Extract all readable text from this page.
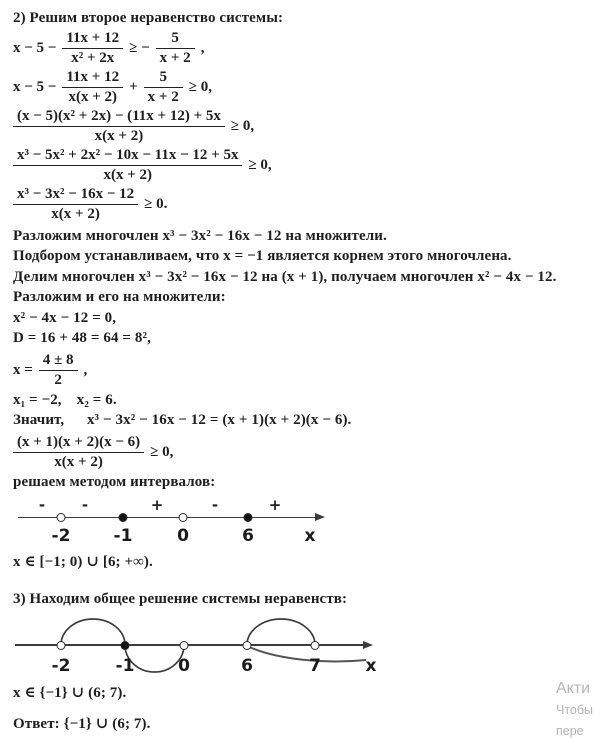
2) Решим второе неравенство системы:
$x - 5 - \frac{11x + 12}{\text{x² + 2x}}$ ≥ − $\frac{5}{x + 2}$ ,
$x - 5 - \frac{11x + 12}{x(x + 2)} + \frac{5}{x + 2} \ge 0$,
$\frac{\text{(x − 5)(x² + 2x) − (11x + 12) + 5x}}{x(x + 2)} \ge 0$,
$\frac{\text{x³ − 5x² + 2x² − 10x − 11x − 12 + 5x}}{x(x + 2)} \ge 0$,
$\frac{\text{x³ − 3x² − 16x − 12}}{x(x + 2)} \ge 0$.
Разложим многочлен x³ − 3x² − 16x − 12 на множители.
Подбором устанавливаем, что x = −1 является корнем этого многочлена.
Делим многочлен x³ − 3x² − 16x − 12 на (x + 1), получаем многочлен x² − 4x − 12.
Разложим и его на множители:
x² − 4x − 12 = 0,
D = 16 + 48 = 64 = 8²,
$x = \frac{4 \pm 8}{2}$ ,
x₁ = −2, x₂ = 6.
Значит,  x³ − 3x² − 16x − 12 = (x + 1)(x + 2)(x − 6).
$\frac{(x + 1)(x + 2)(x - 6)}{x(x + 2)} \ge 0$,
решаем методом интервалов:
- -	+	-	+
-2	-1	0	6	x
x ∈ [−1; 0) ∪ [6; +∞).
3) Находим общее решение системы неравенств:
-2	-1	0	6	7	x
x ∈ {−1} ∪ (6; 7).
Ответ: {−1} ∪ (6; 7).
Акти
Чтобы
пере
